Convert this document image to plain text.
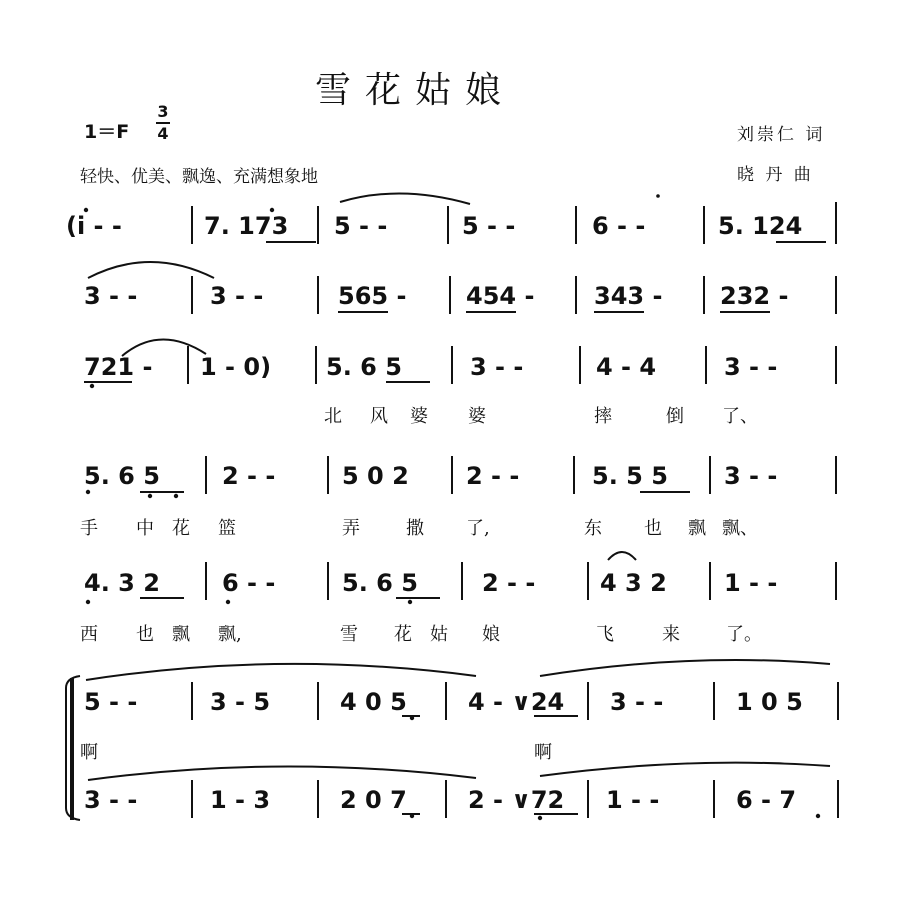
雪花姑娘
1＝F
3
4
轻快、优美、飘逸、充满想象地
刘崇仁 词
晓 丹 曲
(i - -	7. 173 5 - -	5 - -	6 - -	5. 124
3 - -	3 - -	565 - 454 - 343 - 232 -
721 - 1 - 0) 5. 6 5	3 - -	4 - 4	3 - -
北 风 婆 婆	摔	倒 了、
5. 6 5	2 - -	5 0 2 2 - -	5. 5 5 3 - -
手 中 花 篮	弄	撒 了,	东 也 飘 飘、
4. 3 2	6 - -	5. 6 5	2 - -	4 3 2 1 - -
西 也 飘 飘,	雪 花 姑 娘	飞	来	了。
5 - -	3 - 5	4 0 5	4 - ∨24 3 - -	1 0 5
啊	啊
3 - -	1 - 3	2 0 7	2 - ∨72 1 - -	6 - 7
